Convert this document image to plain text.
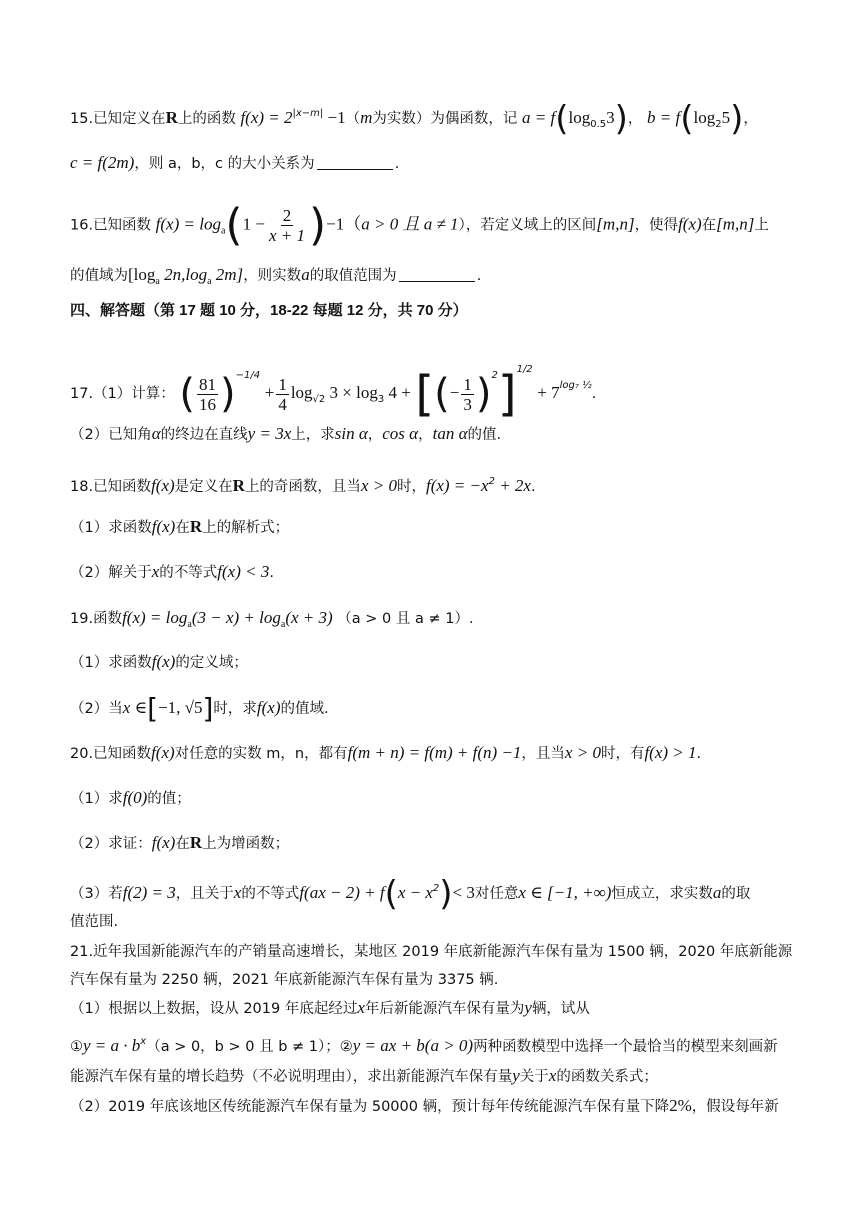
15.已知定义在R上的函数 $f(x) = 2^{|x-m|} -1(m$为实数）为偶函数，记 $a = f(\log_{0.5}3)$， $b = f(\log_25)$，
c = f(2m)，则 a，b，c 的大小关系为	.
16.已知函数 $f(x) = \log_a(1 - \frac{2}{x + 1} )-1(a > 0$ 且 a ≠ 1），若定义域上的区间[m,n]，使得f(x)在[m,n]上
的值域为[$\log_a$ $2n,\log_a$ 2m]，则实数a的取值范围为	.
四、解答题（第 17 题 10 分，18-22 每题 12 分，共 70 分）
17.（1）计算： ( $\frac{81}{16} )^{-1/4} + \frac{1}{4} \log_{√2} 3 \times \log_3 4$ + [(− $\frac{1}{3} )^2]^{1/2} + 7^{log_7 \frac{1}{2}}$.
（2）已知角α的终边在直线y = 3x上，求sin α，cos α，tan α的值.
18.已知函数f(x)是定义在R上的奇函数，且当x > 0时，$f(x) = -x^2 + 2x$.
（1）求函数f(x)在R上的解析式；
（2）解关于x的不等式f(x) < 3.
19.函数$f(x) = \log_a(3 - x) + \log_a(x + 3) (a > 0$ 且 a ≠ 1）.
（1）求函数f(x)的定义域；
（2）当x ∈[−1, √5]时，求f(x)的值域.
20.已知函数f(x)对任意的实数 m，n，都有f(m + n) = f(m) + f(n) −1，且当x > 0时，有f(x) > 1.
（1）求f(0)的值；
（2）求证：f(x)在R上为增函数；
（3）若f(2) = 3，且关于x的不等式$f(ax - 2) + f(x - x^2)< 3$对任意x ∈ [−1, +∞)恒成立，求实数a的取
值范围.
21.近年我国新能源汽车的产销量高速增长，某地区 2019 年底新能源汽车保有量为 1500 辆，2020 年底新能源
汽车保有量为 2250 辆，2021 年底新能源汽车保有量为 3375 辆.
（1）根据以上数据，设从 2019 年底起经过x年后新能源汽车保有量为y辆，试从
①y = $a \cdot b^x(a > 0$，b > 0 且 b ≠ 1）；②y = ax + b(a > 0)两种函数模型中选择一个最恰当的模型来刻画新
能源汽车保有量的增长趋势（不必说明理由），求出新能源汽车保有量y关于x的函数关系式；
（2）2019 年底该地区传统能源汽车保有量为 50000 辆，预计每年传统能源汽车保有量下降2%，假设每年新
